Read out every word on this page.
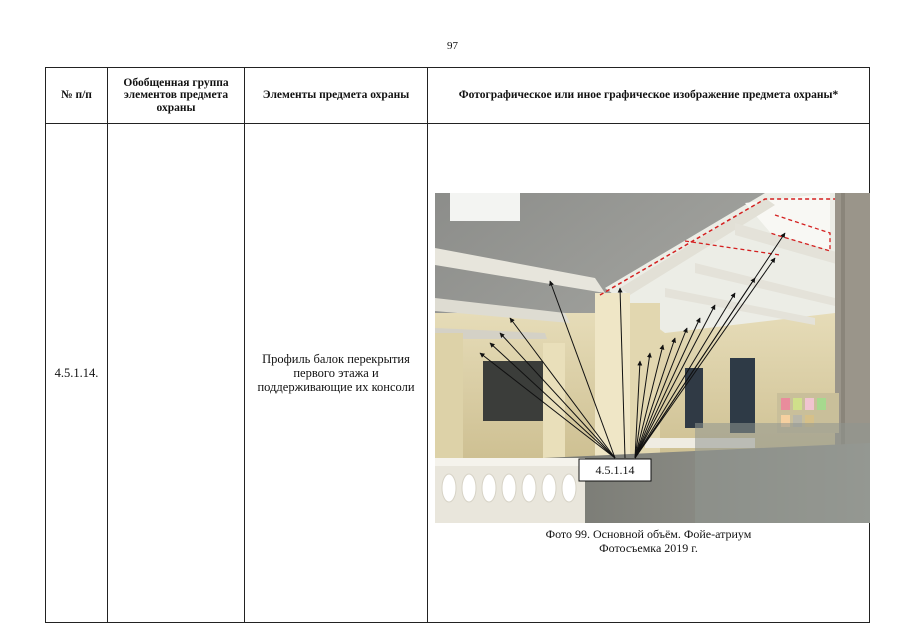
97
№ п/п	Обобщенная группа элементов предмета охраны	Элементы предмета охраны	Фотографическое или иное графическое изображение предмета охраны*
4.5.1.14.		Профиль балок перекрытия первого этажа и поддерживающие их консоли	4.5.1.14
Фото 99. Основной объём. Фойе-атриум
Фотосъемка 2019 г.
